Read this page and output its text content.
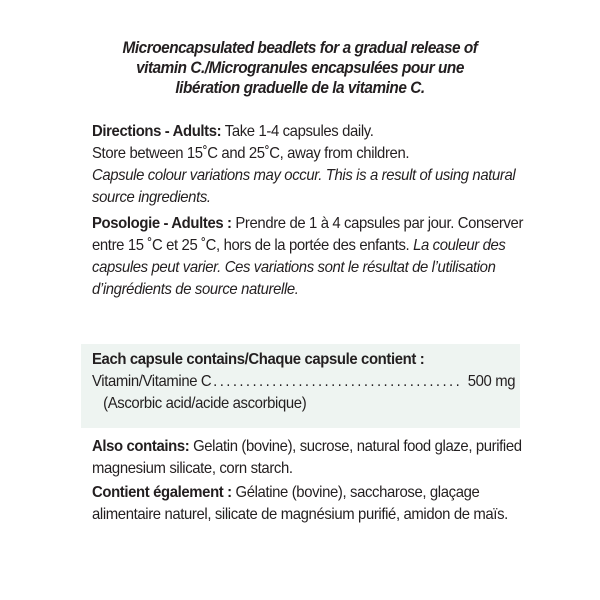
Microencapsulated beadlets for a gradual release of
vitamin C./Microgranules encapsulées pour une
libération graduelle de la vitamine C.
Directions - Adults: Take 1-4 capsules daily.
Store between 15˚C and 25˚C, away from children.
Capsule colour variations may occur. This is a result of using natural source ingredients.
Posologie - Adultes : Prendre de 1 à 4 capsules par jour. Conserver entre 15 ˚C et 25 ˚C, hors de la portée des enfants. La couleur des capsules peut varier. Ces variations sont le résultat de l’utilisation d’ingrédients de source naturelle.
Each capsule contains/Chaque capsule contient :
Vitamin/Vitamine C ...................................... 500 mg
(Ascorbic acid/acide ascorbique)
Also contains: Gelatin (bovine), sucrose, natural food glaze, purified magnesium silicate, corn starch.
Contient également : Gélatine (bovine), saccharose, glaçage alimentaire naturel, silicate de magnésium purifié, amidon de maïs.
